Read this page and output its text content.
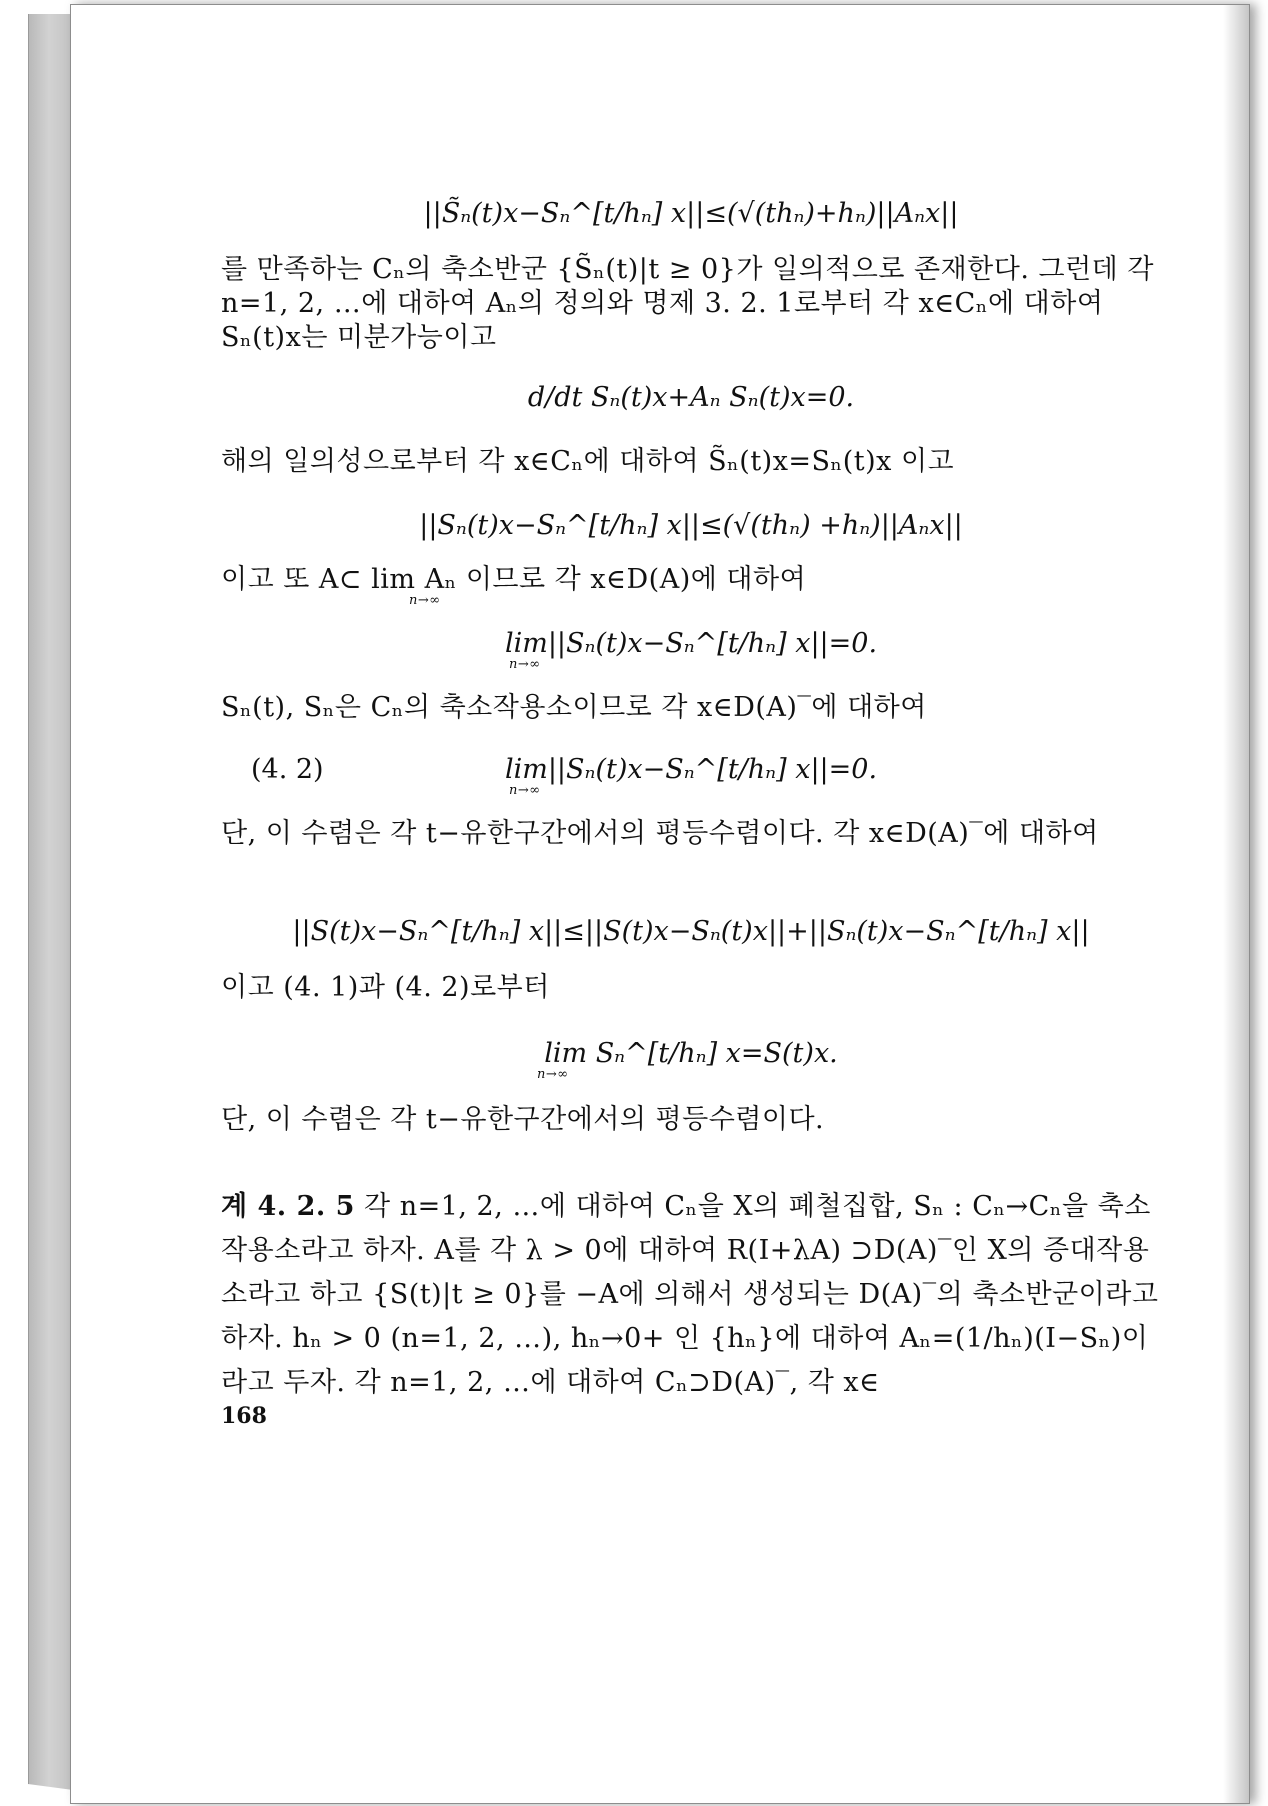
||S̃ₙ(t)x−Sₙ^[t/hₙ] x||≤(√(thₙ)+hₙ)||Aₙx||
를 만족하는 Cₙ의 축소반군 {S̃ₙ(t)|t ≥ 0}가 일의적으로 존재한다. 그런데 각 n=1, 2, …에 대하여 Aₙ의 정의와 명제 3. 2. 1로부터 각 x∈Cₙ에 대하여 Sₙ(t)x는 미분가능이고
d/dt Sₙ(t)x+Aₙ Sₙ(t)x=0.
해의 일의성으로부터 각 x∈Cₙ에 대하여 S̃ₙ(t)x=Sₙ(t)x 이고
||Sₙ(t)x−Sₙ^[t/hₙ] x||≤(√(thₙ) +hₙ)||Aₙx||
이고 또 A⊂ lim Aₙ 이므로 각 x∈D(A)에 대하여
n→∞
lim||Sₙ(t)x−Sₙ^[t/hₙ] x||=0.
n→∞
Sₙ(t), Sₙ은 Cₙ의 축소작용소이므로 각 x∈D(A)‾에 대하여
(4. 2)	lim||Sₙ(t)x−Sₙ^[t/hₙ] x||=0.
n→∞
단, 이 수렴은 각 t−유한구간에서의 평등수렴이다. 각 x∈D(A)‾에 대하여
||S(t)x−Sₙ^[t/hₙ] x||≤||S(t)x−Sₙ(t)x||+||Sₙ(t)x−Sₙ^[t/hₙ] x||
이고 (4. 1)과 (4. 2)로부터
lim Sₙ^[t/hₙ] x=S(t)x.
n→∞
단, 이 수렴은 각 t−유한구간에서의 평등수렴이다.
계 4. 2. 5 각 n=1, 2, …에 대하여 Cₙ을 X의 폐철집합, Sₙ : Cₙ→Cₙ을 축소작용소라고 하자. A를 각 λ > 0에 대하여 R(I+λA) ⊃D(A)‾인 X의 증대작용소라고 하고 {S(t)|t ≥ 0}를 −A에 의해서 생성되는 D(A)‾의 축소반군이라고 하자. hₙ > 0 (n=1, 2, …), hₙ→0+ 인 {hₙ}에 대하여 Aₙ=(1/hₙ)(I−Sₙ)이라고 두자. 각 n=1, 2, …에 대하여 Cₙ⊃D(A)‾, 각 x∈
168
